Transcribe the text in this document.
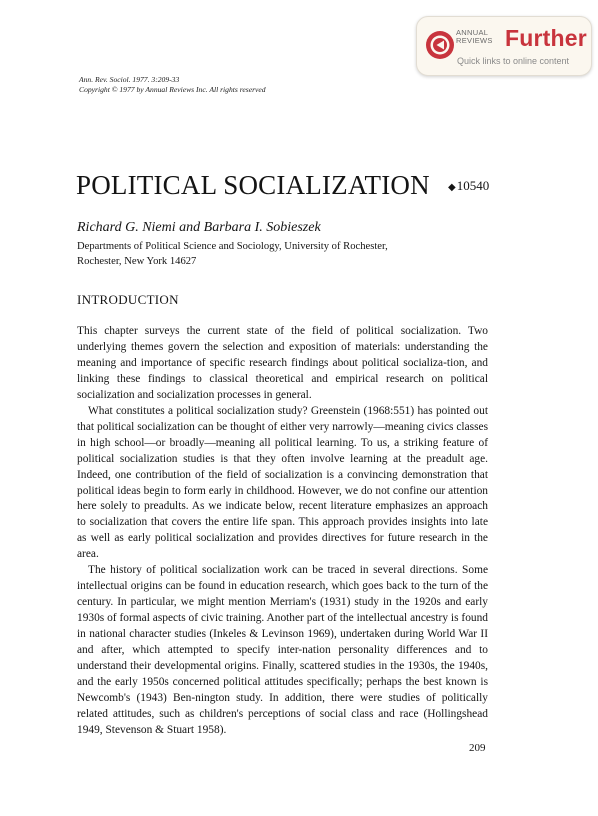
ANNUAL
REVIEWS Further
Quick links to online content
Ann. Rev. Sociol. 1977. 3:209-33
Copyright © 1977 by Annual Reviews Inc. All rights reserved
POLITICAL SOCIALIZATION ◆10540
Richard G. Niemi and Barbara I. Sobieszek
Departments of Political Science and Sociology, University of Rochester,
Rochester, New York 14627
INTRODUCTION

This chapter surveys the current state of the field of political socialization. Two underlying themes govern the selection and exposition of materials: understanding the meaning and importance of specific research findings about political socializa-tion, and linking these findings to classical theoretical and empirical research on political socialization and socialization processes in general.

What constitutes a political socialization study? Greenstein (1968:551) has pointed out that political socialization can be thought of either very narrowly—meaning civics classes in high school—or broadly—meaning all political learning. To us, a striking feature of political socialization studies is that they often involve learning at the preadult age. Indeed, one contribution of the field of socialization is a convincing demonstration that political ideas begin to form early in childhood. However, we do not confine our attention here solely to preadults. As we indicate below, recent literature emphasizes an approach to socialization that covers the entire life span. This approach provides insights into late as well as early political socialization and provides directives for future research in the area.

The history of political socialization work can be traced in several directions. Some intellectual origins can be found in education research, which goes back to the turn of the century. In particular, we might mention Merriam's (1931) study in the 1920s and early 1930s of formal aspects of civic training. Another part of the intellectual ancestry is found in national character studies (Inkeles & Levinson 1969), undertaken during World War II and after, which attempted to specify inter-nation personality differences and to understand their developmental origins. Finally, scattered studies in the 1930s, the 1940s, and the early 1950s concerned political attitudes specifically; perhaps the best known is Newcomb's (1943) Ben-nington study. In addition, there were studies of politically related attitudes, such as children's perceptions of social class and race (Hollingshead 1949, Stevenson & Stuart 1958).

209
